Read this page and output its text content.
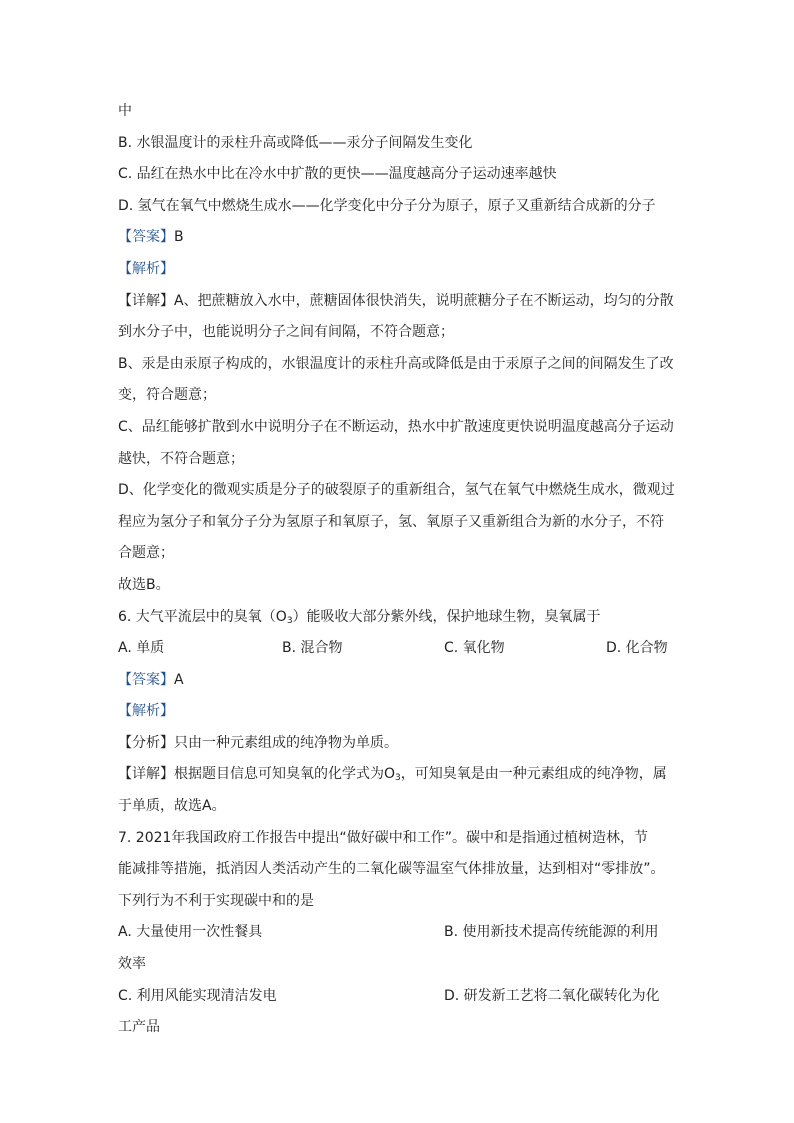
中
B. 水银温度计的汞柱升高或降低——汞分子间隔发生变化
C. 品红在热水中比在冷水中扩散的更快——温度越高分子运动速率越快
D. 氢气在氧气中燃烧生成水——化学变化中分子分为原子，原子又重新结合成新的分子
【答案】B
【解析】
【详解】A、把蔗糖放入水中，蔗糖固体很快消失，说明蔗糖分子在不断运动，均匀的分散
到水分子中，也能说明分子之间有间隔，不符合题意；
B、汞是由汞原子构成的，水银温度计的汞柱升高或降低是由于汞原子之间的间隔发生了改
变，符合题意；
C、品红能够扩散到水中说明分子在不断运动，热水中扩散速度更快说明温度越高分子运动
越快，不符合题意；
D、化学变化的微观实质是分子的破裂原子的重新组合，氢气在氧气中燃烧生成水，微观过
程应为氢分子和氧分子分为氢原子和氧原子，氢、氧原子又重新组合为新的水分子，不符
合题意；
故选B。
6. 大气平流层中的臭氧$(O_3)$能吸收大部分紫外线，保护地球生物，臭氧属于
A. 单质	B. 混合物	C. 氧化物	D. 化合物
【答案】A
【解析】
【分析】只由一种元素组成的纯净物为单质。
【详解】根据题目信息可知臭氧的化学式为$O_3$，可知臭氧是由一种元素组成的纯净物，属
于单质，故选A。
7. 2021年我国政府工作报告中提出“做好碳中和工作”。碳中和是指通过植树造林，节
能减排等措施，抵消因人类活动产生的二氧化碳等温室气体排放量，达到相对“零排放”。
下列行为不利于实现碳中和的是
A. 大量使用一次性餐具	B. 使用新技术提高传统能源的利用
效率
C. 利用风能实现清洁发电	D. 研发新工艺将二氧化碳转化为化
工产品
